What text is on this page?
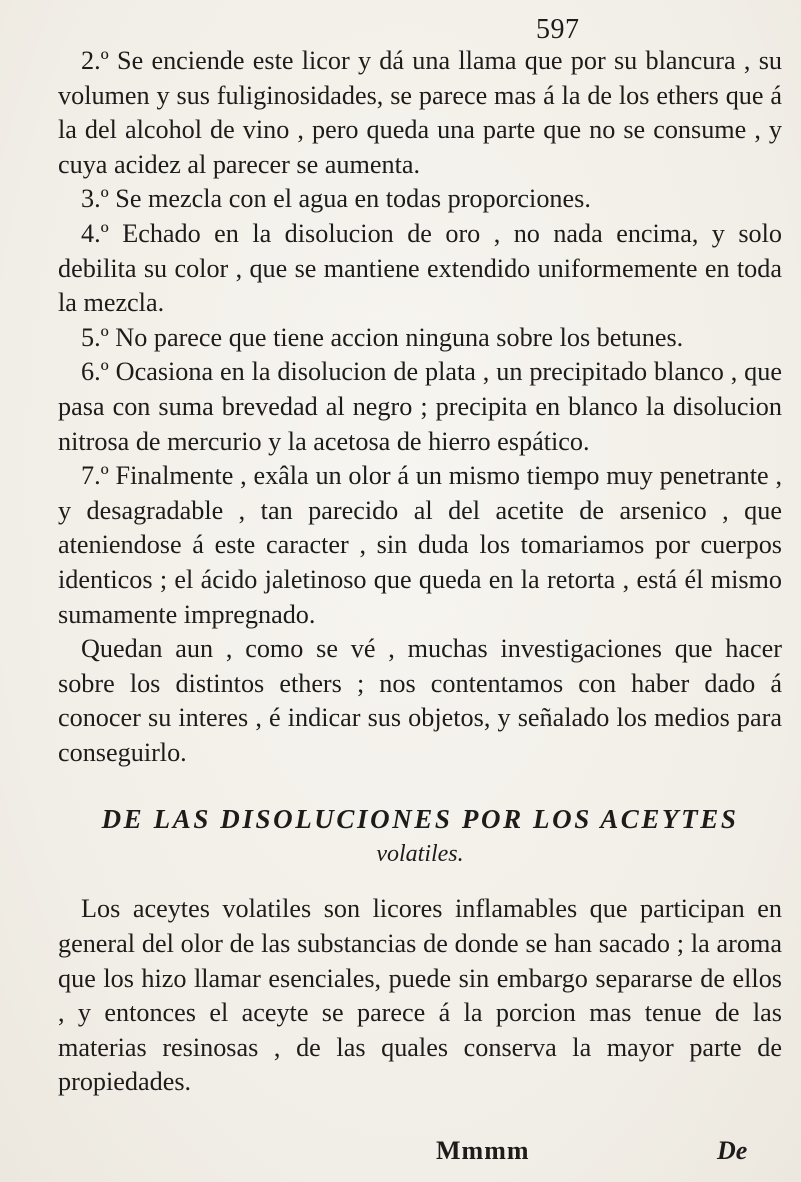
597

2.º Se enciende este licor y dá una llama que por su blancura , su volumen y sus fuliginosidades, se parece mas á la de los ethers que á la del alcohol de vino , pero queda una parte que no se consume , y cuya acidez al parecer se aumenta.

3.º Se mezcla con el agua en todas proporciones.

4.º Echado en la disolucion de oro , no nada encima, y solo debilita su color , que se mantiene extendido uniformemente en toda la mezcla.

5.º No parece que tiene accion ninguna sobre los betunes.

6.º Ocasiona en la disolucion de plata , un precipitado blanco , que pasa con suma brevedad al negro ; precipita en blanco la disolucion nitrosa de mercurio y la acetosa de hierro espático.

7.º Finalmente , exâla un olor á un mismo tiempo muy penetrante , y desagradable , tan parecido al del acetite de arsenico , que ateniendose á este caracter , sin duda los tomariamos por cuerpos identicos ; el ácido jaletinoso que queda en la retorta , está él mismo sumamente impregnado.

Quedan aun , como se vé , muchas investigaciones que hacer sobre los distintos ethers ; nos contentamos con haber dado á conocer su interes , é indicar sus objetos, y señalado los medios para conseguirlo.

DE LAS DISOLUCIONES POR LOS ACEYTES
volatiles.

Los aceytes volatiles son licores inflamables que participan en general del olor de las substancias de donde se han sacado ; la aroma que los hizo llamar esenciales, puede sin embargo separarse de ellos , y entonces el aceyte se parece á la porcion mas tenue de las materias resinosas , de las quales conserva la mayor parte de propiedades.

Mmmm	De
